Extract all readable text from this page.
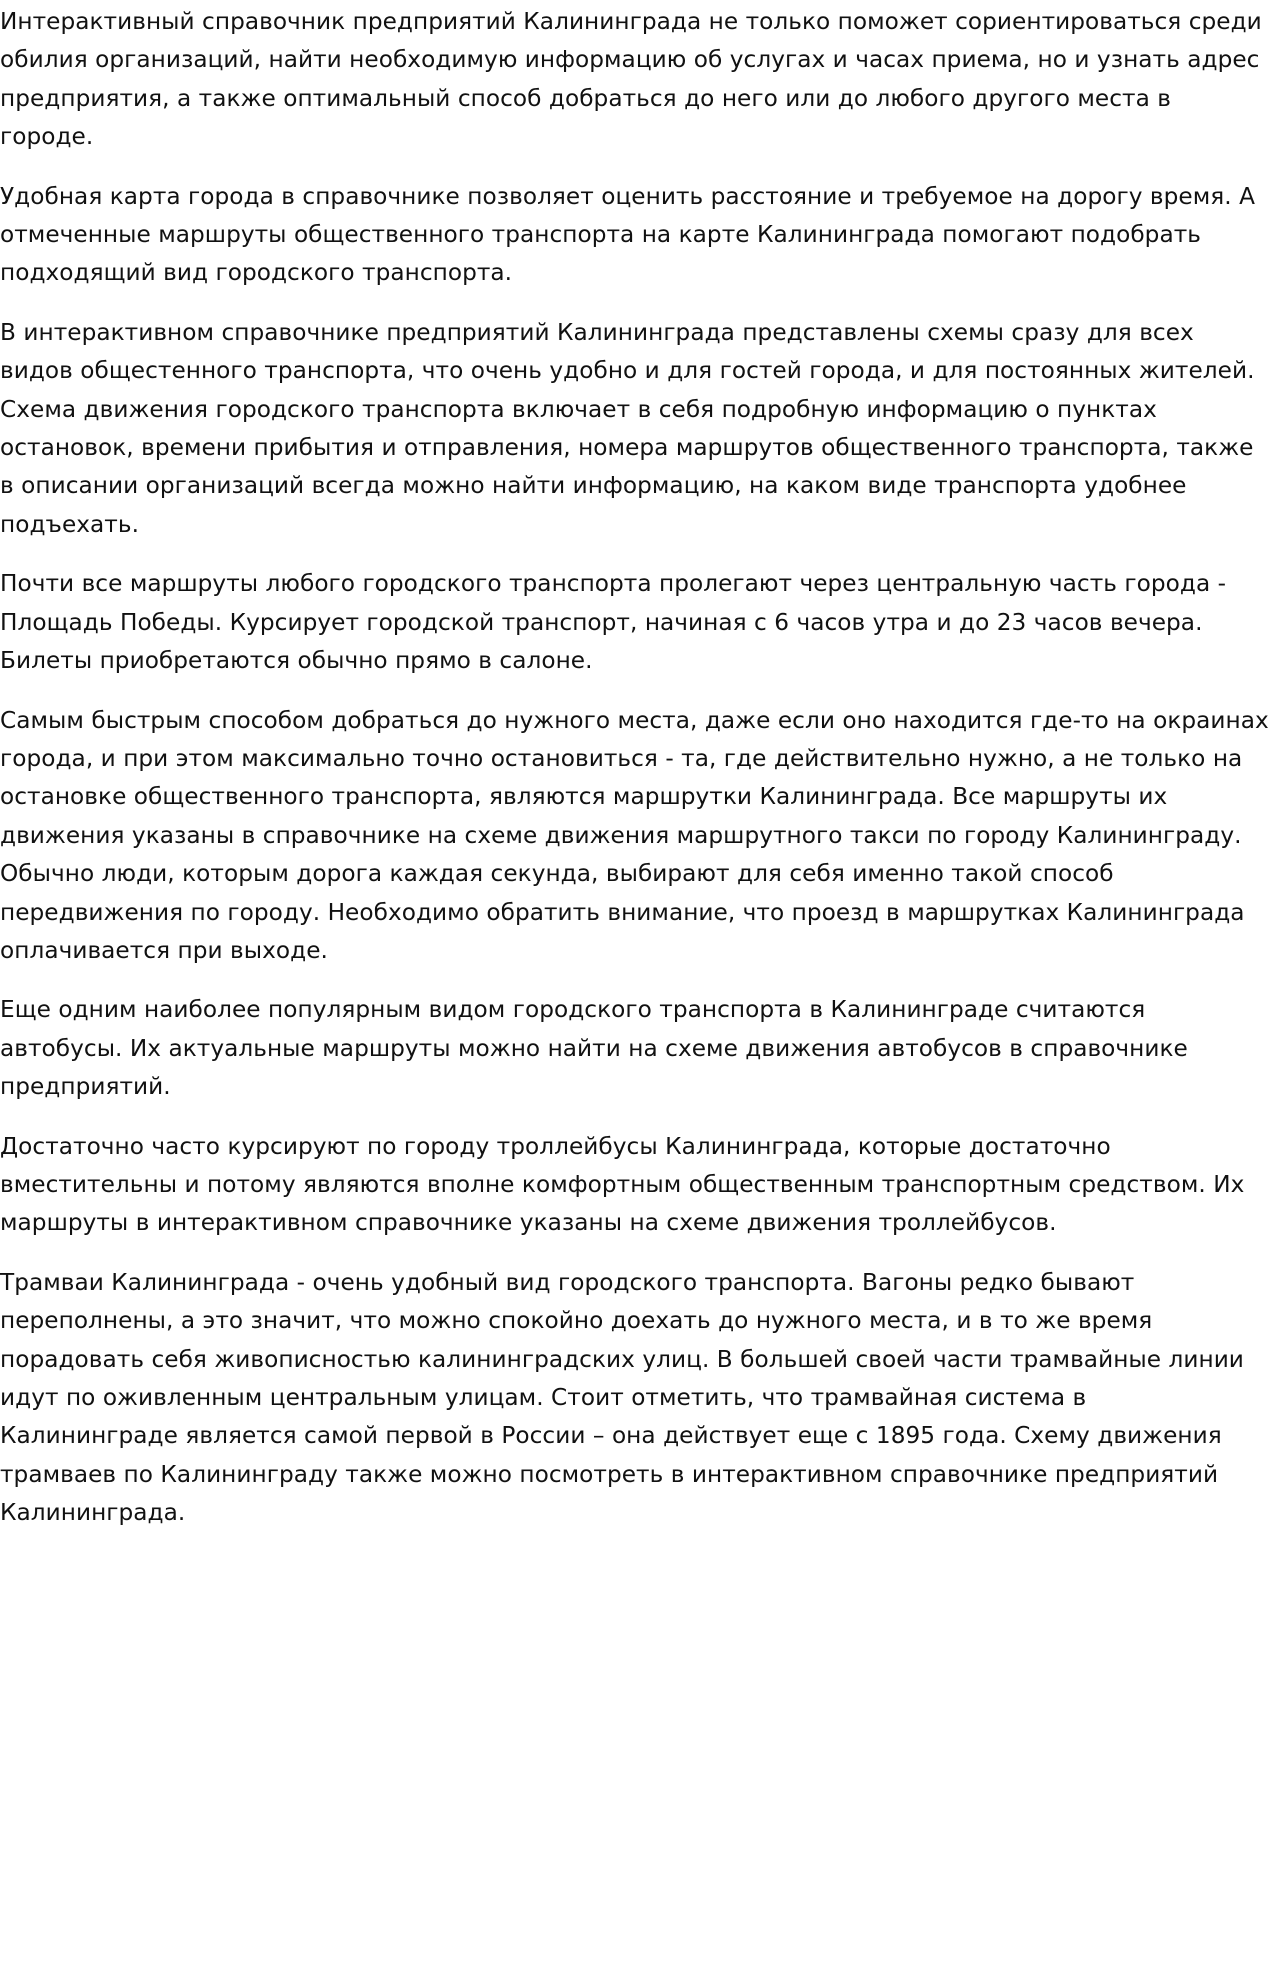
Интерактивный справочник предприятий Калининграда не только поможет сориентироваться среди обилия организаций, найти необходимую информацию об услугах и часах приема, но и узнать адрес предприятия, а также оптимальный способ добраться до него или до любого другого места в городе.

Удобная карта города в справочнике позволяет оценить расстояние и требуемое на дорогу время. А отмеченные маршруты общественного транспорта на карте Калининграда помогают подобрать подходящий вид городского транспорта.

В интерактивном справочнике предприятий Калининграда представлены схемы сразу для всех видов общестенного транспорта, что очень удобно и для гостей города, и для постоянных жителей. Схема движения городского транспорта включает в себя подробную информацию о пунктах остановок, времени прибытия и отправления, номера маршрутов общественного транспорта, также в описании организаций всегда можно найти информацию, на каком виде транспорта удобнее подъехать.

Почти все маршруты любого городского транспорта пролегают через центральную часть города - Площадь Победы. Курсирует городской транспорт, начиная с 6 часов утра и до 23 часов вечера. Билеты приобретаются обычно прямо в салоне.

Самым быстрым способом добраться до нужного места, даже если оно находится где-то на окраинах города, и при этом максимально точно остановиться - та, где действительно нужно, а не только на остановке общественного транспорта, являются маршрутки Калининграда. Все маршруты их движения указаны в справочнике на схеме движения маршрутного такси по городу Калининграду. Обычно люди, которым дорога каждая секунда, выбирают для себя именно такой способ передвижения по городу. Необходимо обратить внимание, что проезд в маршрутках Калининграда оплачивается при выходе.

Еще одним наиболее популярным видом городского транспорта в Калининграде считаются автобусы. Их актуальные маршруты можно найти на схеме движения автобусов в справочнике предприятий.

Достаточно часто курсируют по городу троллейбусы Калининграда, которые достаточно вместительны и потому являются вполне комфортным общественным транспортным средством. Их маршруты в интерактивном справочнике указаны на схеме движения троллейбусов.

Трамваи Калининграда - очень удобный вид городского транспорта. Вагоны редко бывают переполнены, а это значит, что можно спокойно доехать до нужного места, и в то же время порадовать себя живописностью калининградских улиц. В большей своей части трамвайные линии идут по оживленным центральным улицам. Стоит отметить, что трамвайная система в Калининграде является самой первой в России – она действует еще с 1895 года. Схему движения трамваев по Калининграду также можно посмотреть в интерактивном справочнике предприятий Калининграда.
